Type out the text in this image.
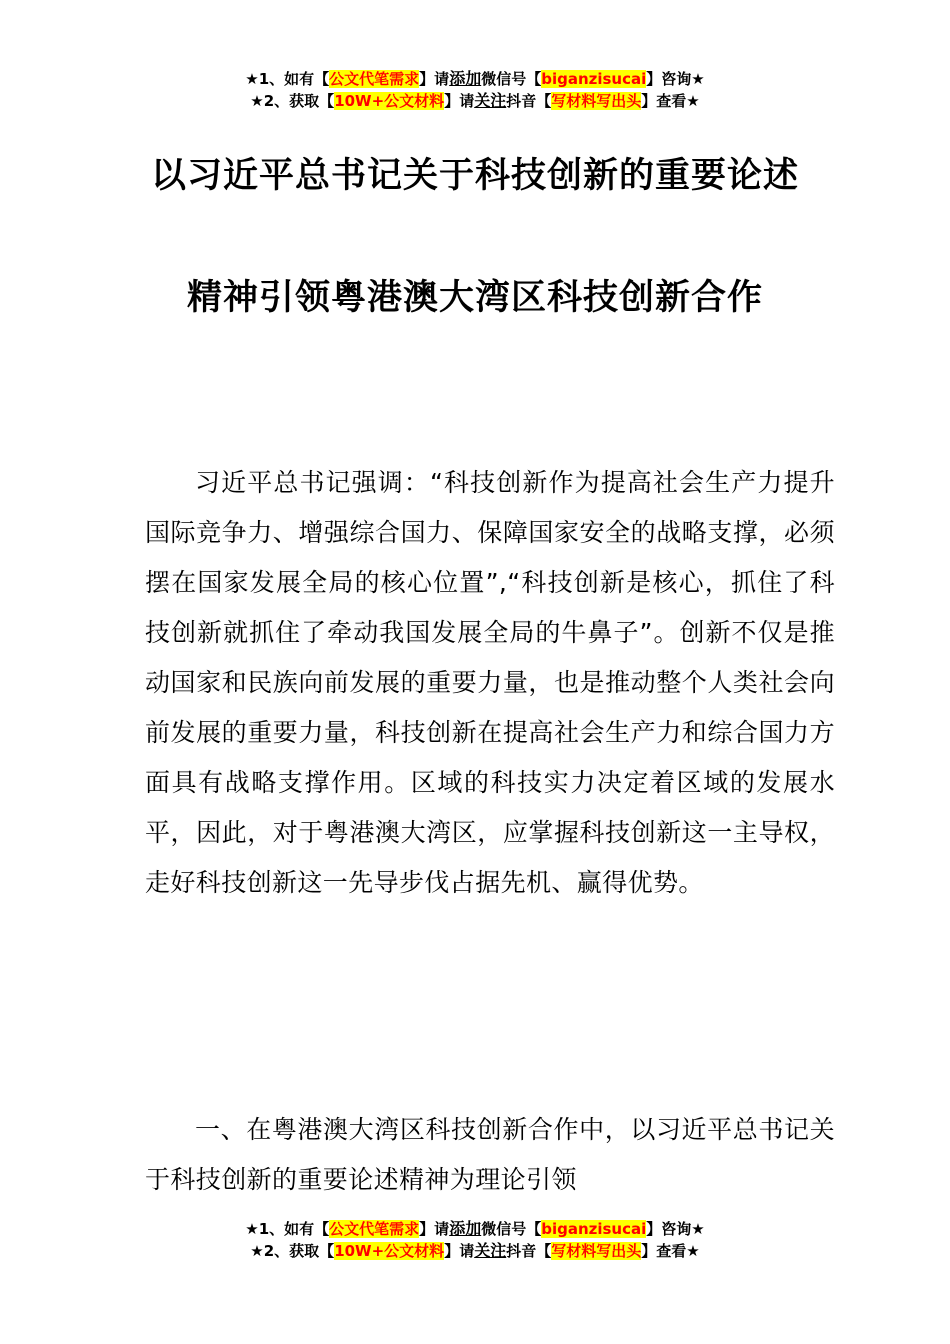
★1、如有【公文代笔需求】请添加微信号【biganzisucai】咨询★
★2、获取【10W+公文材料】请关注抖音【写材料写出头】查看★
以习近平总书记关于科技创新的重要论述
精神引领粤港澳大湾区科技创新合作
习近平总书记强调：“科技创新作为提高社会生产力提升国际竞争力、增强综合国力、保障国家安全的战略支撑，必须摆在国家发展全局的核心位置”,“科技创新是核心，抓住了科技创新就抓住了牵动我国发展全局的牛鼻子”。创新不仅是推动国家和民族向前发展的重要力量，也是推动整个人类社会向前发展的重要力量，科技创新在提高社会生产力和综合国力方面具有战略支撑作用。区域的科技实力决定着区域的发展水平，因此，对于粤港澳大湾区，应掌握科技创新这一主导权，走好科技创新这一先导步伐占据先机、赢得优势。
一、在粤港澳大湾区科技创新合作中，以习近平总书记关于科技创新的重要论述精神为理论引领
★1、如有【公文代笔需求】请添加微信号【biganzisucai】咨询★
★2、获取【10W+公文材料】请关注抖音【写材料写出头】查看★
